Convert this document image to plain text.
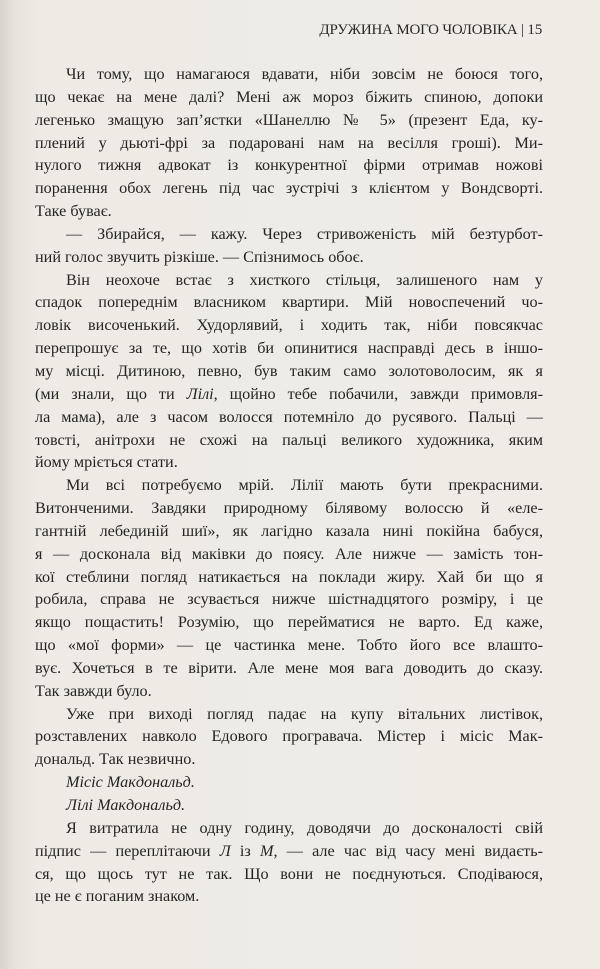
ДРУЖИНА МОГО ЧОЛОВІКА | 15
Чи тому, що намагаюся вдавати, ніби зовсім не боюся того,
що чекає на мене далі? Мені аж мороз біжить спиною, допоки
легенько змащую зап’ястки «Шанеллю № 5» (презент Еда, ку-
плений у дьюті-фрі за подаровані нам на весілля гроші). Ми-
нулого тижня адвокат із конкурентної фірми отримав ножові
поранення обох легень під час зустрічі з клієнтом у Вондсворті.
Таке буває.
— Збирайся, — кажу. Через стривоженість мій безтурбот-
ний голос звучить різкіше. — Спізнимось обоє.
Він неохоче встає з хисткого стільця, залишеного нам у
спадок попереднім власником квартири. Мій новоспечений чо-
ловік височенький. Худорлявий, і ходить так, ніби повсякчас
перепрошує за те, що хотів би опинитися насправді десь в іншо-
му місці. Дитиною, певно, був таким само золотоволосим, як я
(ми знали, що ти Лілі, щойно тебе побачили, завжди примовля-
ла мама), але з часом волосся потемніло до русявого. Пальці —
товсті, анітрохи не схожі на пальці великого художника, яким
йому мріється стати.
Ми всі потребуємо мрій. Лілії мають бути прекрасними.
Витонченими. Завдяки природному білявому волоссю й «еле-
гантній лебединій шиї», як лагідно казала нині покійна бабуся,
я — досконала від маківки до поясу. Але нижче — замість тон-
кої стеблини погляд натикається на поклади жиру. Хай би що я
робила, справа не зсувається нижче шістнадцятого розміру, і це
якщо пощастить! Розумію, що перейматися не варто. Ед каже,
що «мої форми» — це частинка мене. Тобто його все влашто-
вує. Хочеться в те вірити. Але мене моя вага доводить до сказу.
Так завжди було.
Уже при виході погляд падає на купу вітальних листівок,
розставлених навколо Едового програвача. Містер і місіс Мак-
дональд. Так незвично.
Місіс Макдональд.
Лілі Макдональд.
Я витратила не одну годину, доводячи до досконалості свій
підпис — переплітаючи Л із М, — але час від часу мені видаєть-
ся, що щось тут не так. Що вони не поєднуються. Сподіваюся,
це не є поганим знаком.
